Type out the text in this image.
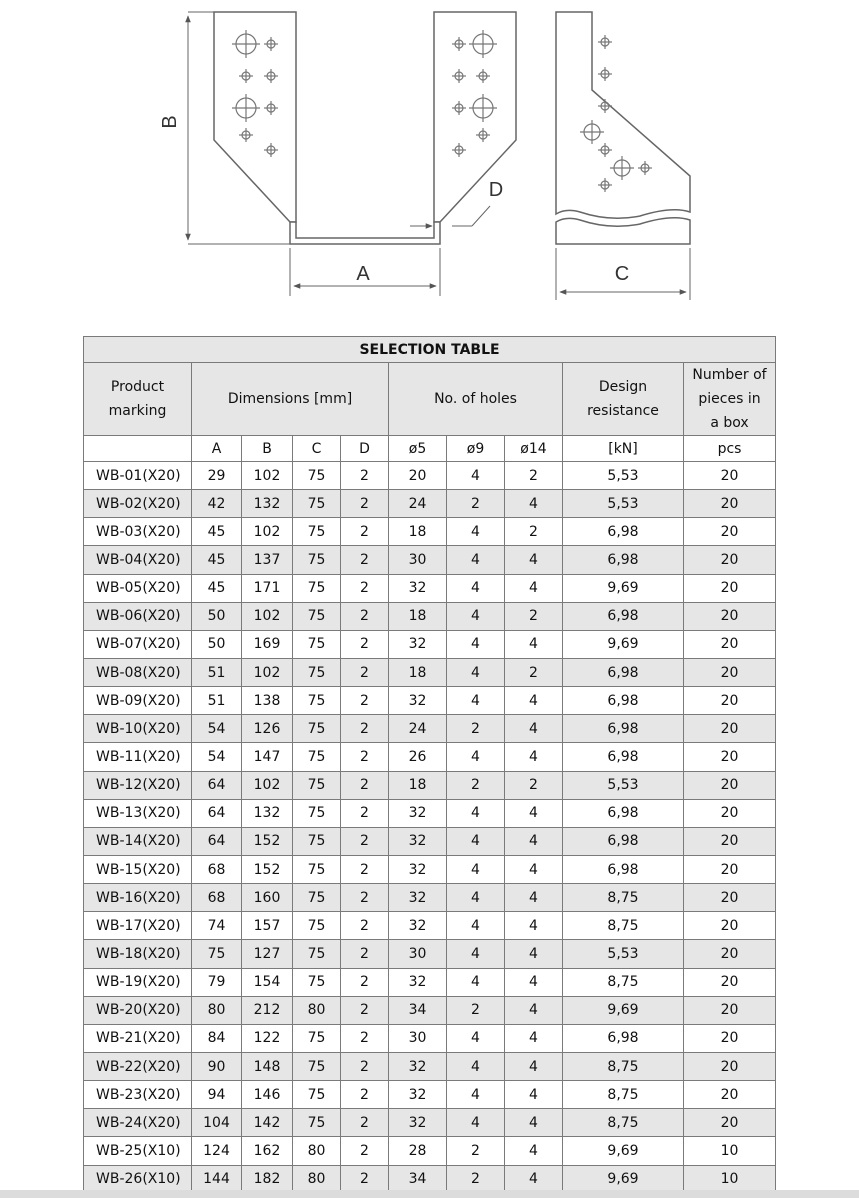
B
A
D
C
SELECTION TABLE									
Product marking	Dimensions [mm]				No. of holes			Design resistance	Number of pieces in a box
	A	B	C	D	ø5	ø9	ø14	[kN]	pcs
WB-01(X20)	29	102	75	2	20	4	2	5,53	20
WB-02(X20)	42	132	75	2	24	2	4	5,53	20
WB-03(X20)	45	102	75	2	18	4	2	6,98	20
WB-04(X20)	45	137	75	2	30	4	4	6,98	20
WB-05(X20)	45	171	75	2	32	4	4	9,69	20
WB-06(X20)	50	102	75	2	18	4	2	6,98	20
WB-07(X20)	50	169	75	2	32	4	4	9,69	20
WB-08(X20)	51	102	75	2	18	4	2	6,98	20
WB-09(X20)	51	138	75	2	32	4	4	6,98	20
WB-10(X20)	54	126	75	2	24	2	4	6,98	20
WB-11(X20)	54	147	75	2	26	4	4	6,98	20
WB-12(X20)	64	102	75	2	18	2	2	5,53	20
WB-13(X20)	64	132	75	2	32	4	4	6,98	20
WB-14(X20)	64	152	75	2	32	4	4	6,98	20
WB-15(X20)	68	152	75	2	32	4	4	6,98	20
WB-16(X20)	68	160	75	2	32	4	4	8,75	20
WB-17(X20)	74	157	75	2	32	4	4	8,75	20
WB-18(X20)	75	127	75	2	30	4	4	5,53	20
WB-19(X20)	79	154	75	2	32	4	4	8,75	20
WB-20(X20)	80	212	80	2	34	2	4	9,69	20
WB-21(X20)	84	122	75	2	30	4	4	6,98	20
WB-22(X20)	90	148	75	2	32	4	4	8,75	20
WB-23(X20)	94	146	75	2	32	4	4	8,75	20
WB-24(X20)	104	142	75	2	32	4	4	8,75	20
WB-25(X10)	124	162	80	2	28	2	4	9,69	10
WB-26(X10)	144	182	80	2	34	2	4	9,69	10
